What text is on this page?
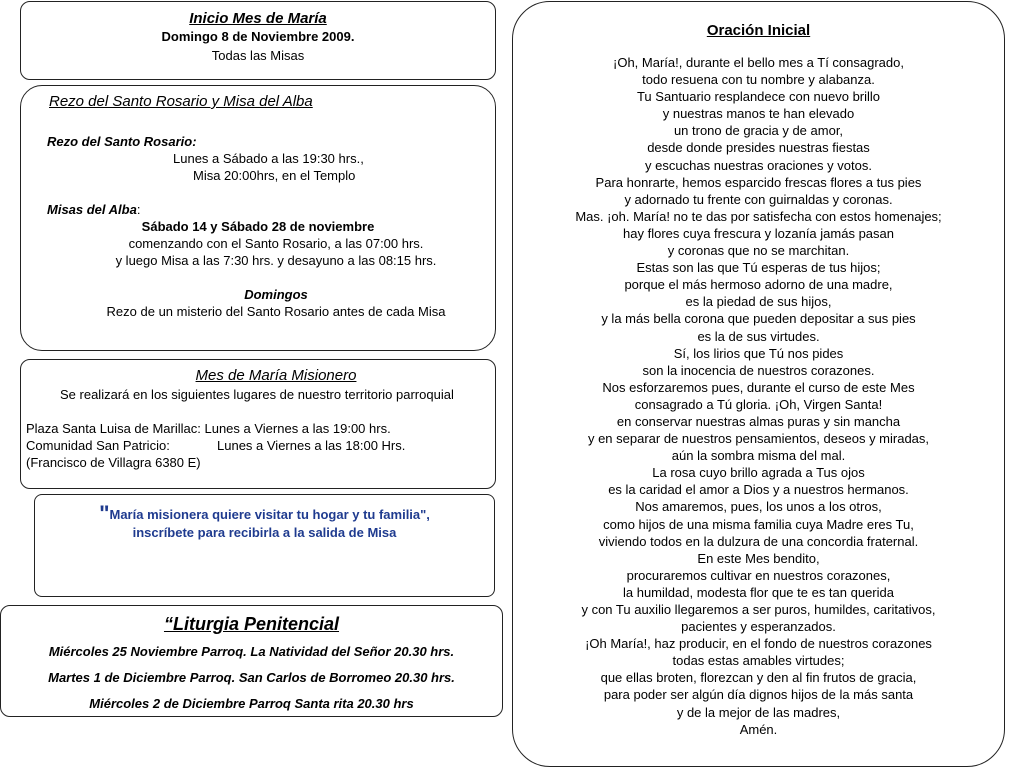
Inicio Mes de María
Domingo 8 de Noviembre 2009.
Todas las Misas
Rezo del Santo Rosario y Misa del Alba
Rezo del Santo Rosario:
Lunes a Sábado a las 19:30 hrs.,
Misa 20:00hrs, en el Templo
Misas del Alba:
Sábado 14 y Sábado 28 de noviembre
comenzando con el Santo Rosario, a las 07:00 hrs.
y luego Misa a las 7:30 hrs. y desayuno a las 08:15 hrs.
Domingos
Rezo de un misterio del Santo Rosario antes de cada Misa
Mes de María Misionero
Se realizará en los siguientes lugares de nuestro territorio parroquial
Plaza Santa Luisa de Marillac: Lunes a Viernes a las 19:00 hrs.
Comunidad San Patricio:	Lunes a Viernes a las 18:00 Hrs.
(Francisco de Villagra 6380 E)
"María misionera quiere visitar tu hogar y tu familia",
inscríbete para recibirla a la salida de Misa
“Liturgia Penitencial
Miércoles 25 Noviembre Parroq. La Natividad del Señor 20.30 hrs.
Martes 1 de Diciembre Parroq. San Carlos de Borromeo 20.30 hrs.
Miércoles 2 de Diciembre Parroq Santa rita 20.30 hrs
Oración Inicial
¡Oh, María!, durante el bello mes a Tí consagrado,
todo resuena con tu nombre y alabanza.
Tu Santuario resplandece con nuevo brillo
y nuestras manos te han elevado
un trono de gracia y de amor,
desde donde presides nuestras fiestas
y escuchas nuestras oraciones y votos.
Para honrarte, hemos esparcido frescas flores a tus pies
y adornado tu frente con guirnaldas y coronas.
Mas. ¡oh. María! no te das por satisfecha con estos homenajes;
hay flores cuya frescura y lozanía jamás pasan
y coronas que no se marchitan.
Estas son las que Tú esperas de tus hijos;
porque el más hermoso adorno de una madre,
es la piedad de sus hijos,
y la más bella corona que pueden depositar a sus pies
es la de sus virtudes.
Sí, los lirios que Tú nos pides
son la inocencia de nuestros corazones.
Nos esforzaremos pues, durante el curso de este Mes
consagrado a Tú gloria. ¡Oh, Virgen Santa!
en conservar nuestras almas puras y sin mancha
y en separar de nuestros pensamientos, deseos y miradas,
aún la sombra misma del mal.
La rosa cuyo brillo agrada a Tus ojos
es la caridad el amor a Dios y a nuestros hermanos.
Nos amaremos, pues, los unos a los otros,
como hijos de una misma familia cuya Madre eres Tu,
viviendo todos en la dulzura de una concordia fraternal.
En este Mes bendito,
procuraremos cultivar en nuestros corazones,
la humildad, modesta flor que te es tan querida
y con Tu auxilio llegaremos a ser puros, humildes, caritativos,
pacientes y esperanzados.
¡Oh María!, haz producir, en el fondo de nuestros corazones
todas estas amables virtudes;
que ellas broten, florezcan y den al fin frutos de gracia,
para poder ser algún día dignos hijos de la más santa
y de la mejor de las madres,
Amén.
